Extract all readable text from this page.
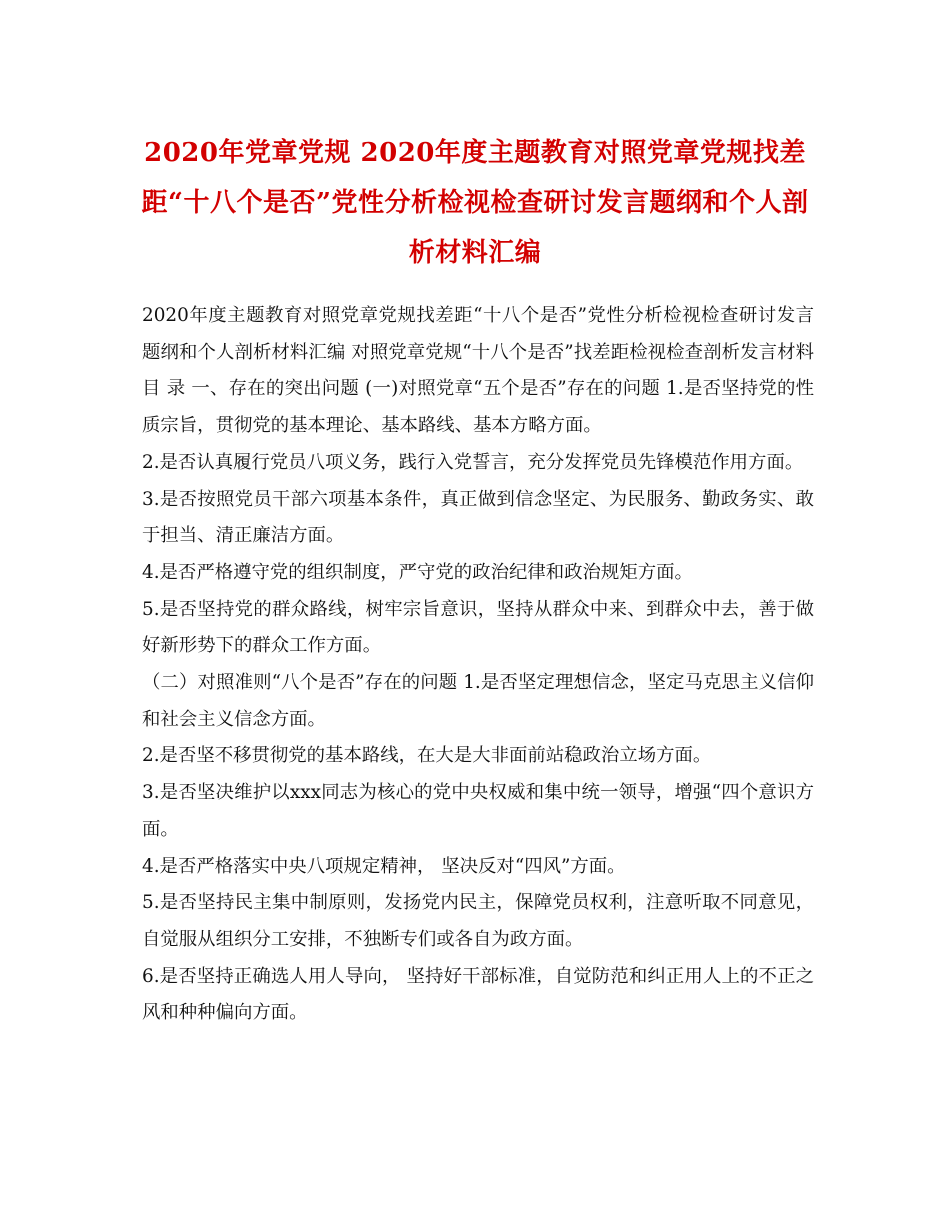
2020年党章党规 2020年度主题教育对照党章党规找差距“十八个是否”党性分析检视检查研讨发言题纲和个人剖析材料汇编

2020年度主题教育对照党章党规找差距“十八个是否”党性分析检视检查研讨发言题纲和个人剖析材料汇编 对照党章党规“十八个是否”找差距检视检查剖析发言材料 目 录 一、存在的突出问题 (一)对照党章“五个是否”存在的问题 1.是否坚持党的性质宗旨，贯彻党的基本理论、基本路线、基本方略方面。

2.是否认真履行党员八项义务，践行入党誓言，充分发挥党员先锋模范作用方面。

3.是否按照党员干部六项基本条件，真正做到信念坚定、为民服务、勤政务实、敢于担当、清正廉洁方面。

4.是否严格遵守党的组织制度，严守党的政治纪律和政治规矩方面。

5.是否坚持党的群众路线，树牢宗旨意识，坚持从群众中来、到群众中去，善于做好新形势下的群众工作方面。

（二）对照准则“八个是否”存在的问题 1.是否坚定理想信念，坚定马克思主义信仰和社会主义信念方面。

2.是否坚不移贯彻党的基本路线，在大是大非面前站稳政治立场方面。

3.是否坚决维护以xxx同志为核心的党中央权威和集中统一领导，增强“四个意识方面。

4.是否严格落实中央八项规定精神， 坚决反对“四风”方面。

5.是否坚持民主集中制原则，发扬党内民主，保障党员权利，注意听取不同意见，自觉服从组织分工安排，不独断专们或各自为政方面。

6.是否坚持正确选人用人导向， 坚持好干部标准，自觉防范和纠正用人上的不正之风和种种偏向方面。
